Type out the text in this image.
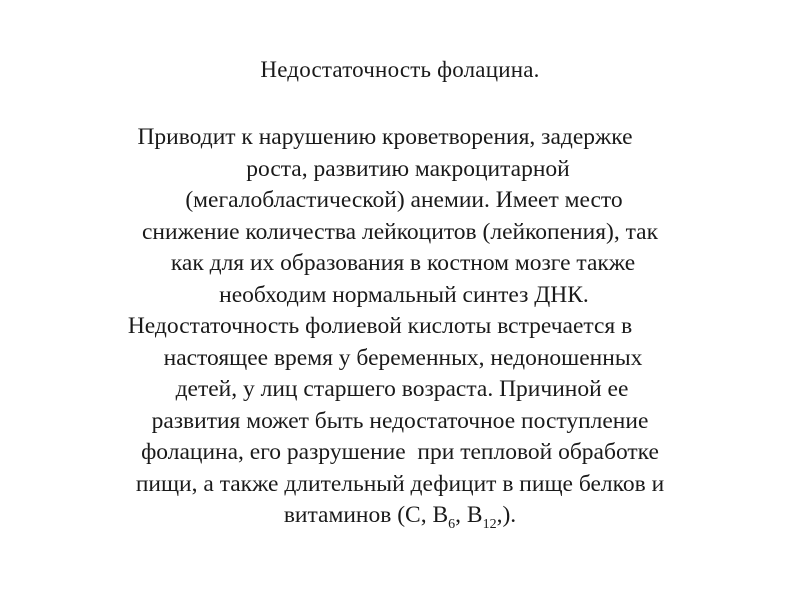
Недостаточность фолацина.
Приводит к нарушению кроветворения, задержке
роста, развитию макроцитарной
(мегалобластической) анемии. Имеет место
снижение количества лейкоцитов (лейкопения), так
как для их образования в костном мозге также
необходим нормальный синтез ДНК.
Недостаточность фолиевой кислоты встречается в
настоящее время у беременных, недоношенных
детей, у лиц старшего возраста. Причиной ее
развития может быть недостаточное поступление
фолацина, его разрушение  при тепловой обработке
пищи, а также длительный дефицит в пище белков и
витаминов (С, $В_6$, $В_{12}$,).
